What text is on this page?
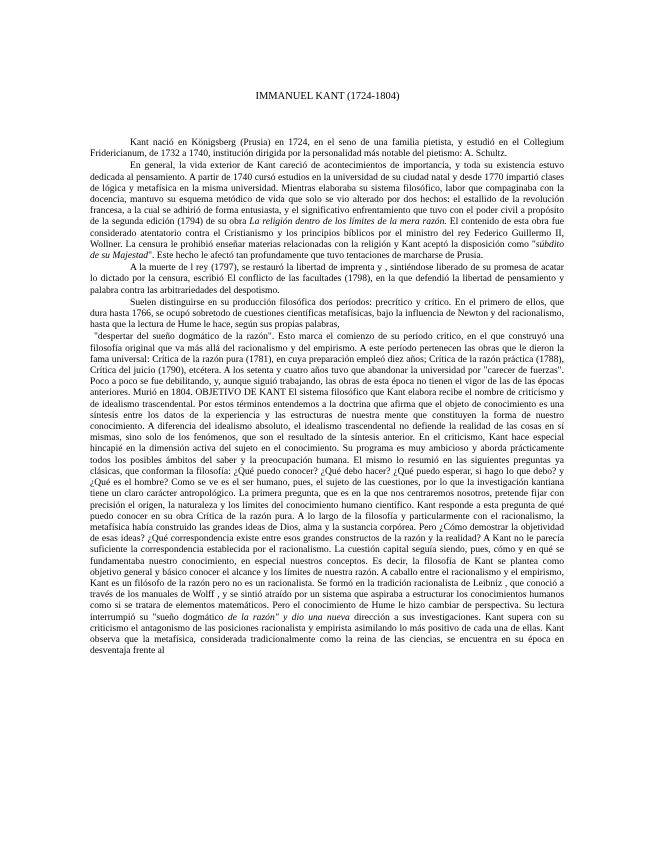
IMMANUEL KANT (1724-1804)

Kant nació en Königsberg (Prusia) en 1724, en el seno de una familia pietista, y estudió en el Collegium Fridericianum, de 1732 a 1740, institución dirigida por la personalidad más notable del pietismo: A. Schultz.

En general, la vida exterior de Kant careció de acontecimientos de importancia, y toda su existencia estuvo dedicada al pensamiento. A partir de 1740 cursó estudios en la universidad de su ciudad natal y desde 1770 impartió clases de lógica y metafísica en la misma universidad. Mientras elaboraba su sistema filosófico, labor que compaginaba con la docencia, mantuvo su esquema metódico de vida que solo se vio alterado por dos hechos: el estallido de la revolución francesa, a la cual se adhirió de forma entusiasta, y el significativo enfrentamiento que tuvo con el poder civil a propósito de la segunda edición (1794) de su obra La religión dentro de los límites de la mera razón. El contenido de esta obra fue considerado atentatorio contra el Cristianismo y los principios bíblicos por el ministro del rey Federico Guillermo II, Wollner. La censura le prohibió enseñar materias relacionadas con la religión y Kant aceptó la disposición como "súbdito de su Majestad". Este hecho le afectó tan profundamente que tuvo tentaciones de marcharse de Prusia.

A la muerte de l rey (1797), se restauró la libertad de imprenta y , sintiéndose liberado de su promesa de acatar lo dictado por la censura, escribió El conflicto de las facultades (1798), en la que defendió la libertad de pensamiento y palabra contra las arbitrariedades del despotismo.

Suelen distinguirse en su producción filosófica dos períodos: precrítico y crítico. En el primero de ellos, que dura hasta 1766, se ocupó sobretodo de cuestiones científicas metafísicas, bajo la influencia de Newton y del racionalismo, hasta que la lectura de Hume le hace, según sus propias palabras,

"despertar del sueño dogmático de la razón". Esto marca el comienzo de su período crítico, en el que construyó una filosofía original que va más allá del racionalismo y del empirismo. A este período pertenecen las obras que le dieron la fama universal: Crítica de la razón pura (1781), en cuya preparación empleó diez años; Crítica de la razón práctica (1788), Crítica del juicio (1790), etcétera. A los setenta y cuatro años tuvo que abandonar la universidad por "carecer de fuerzas". Poco a poco se fue debilitando, y, aunque siguió trabajando, las obras de esta época no tienen el vigor de las de las épocas anteriores. Murió en 1804. OBJETIVO DE KANT El sistema filosófico que Kant elabora recibe el nombre de criticismo y de idealismo trascendental. Por estos términos entendemos a la doctrina que afirma que el objeto de conocimiento es una síntesis entre los datos de la experiencia y las estructuras de nuestra mente que constituyen la forma de nuestro conocimiento. A diferencia del idealismo absoluto, el idealismo trascendental no defiende la realidad de las cosas en sí mismas, sino solo de los fenómenos, que son el resultado de la síntesis anterior. En el criticismo, Kant hace especial hincapié en la dimensión activa del sujeto en el conocimiento. Su programa es muy ambicioso y aborda prácticamente todos los posibles ámbitos del saber y la preocupación humana. El mismo lo resumió en las siguientes preguntas ya clásicas, que conforman la filosofía: ¿Qué puedo conocer? ¿Qué debo hacer? ¿Qué puedo esperar, si hago lo que debo? y ¿Qué es el hombre? Como se ve es el ser humano, pues, el sujeto de las cuestiones, por lo que la investigación kantiana tiene un claro carácter antropológico. La primera pregunta, que es en la que nos centraremos nosotros, pretende fijar con precisión el origen, la naturaleza y los límites del conocimiento humano científico. Kant responde a esta pregunta de qué puedo conocer en su obra Crítica de la razón pura. A lo largo de la filosofía y particularmente con el racionalismo, la metafísica había construido las grandes ideas de Dios, alma y la sustancia corpórea. Pero ¿Cómo demostrar la objetividad de esas ideas? ¿Qué correspondencia existe entre esos grandes constructos de la razón y la realidad? A Kant no le parecía suficiente la correspondencia establecida por el racionalismo. La cuestión capital seguía siendo, pues, cómo y en qué se fundamentaba nuestro conocimiento, en especial nuestros conceptos. Es decir, la filosofía de Kant se plantea como objetivo general y básico conocer el alcance y los límites de nuestra razón. A caballo entre el racionalismo y el empirismo, Kant es un filósofo de la razón pero no es un racionalista. Se formó en la tradición racionalista de Leibniz , que conoció a través de los manuales de Wolff , y se sintió atraído por un sistema que aspiraba a estructurar los conocimientos humanos como si se tratara de elementos matemáticos. Pero el conocimiento de Hume le hizo cambiar de perspectiva. Su lectura interrumpió su "sueño dogmático de la razón" y dio una nueva dirección a sus investigaciones. Kant supera con su criticismo el antagonismo de las posiciones racionalista y empirista asimilando lo más positivo de cada una de ellas. Kant observa que la metafísica, considerada tradicionalmente como la reina de las ciencias, se encuentra en su época en desventaja frente al
